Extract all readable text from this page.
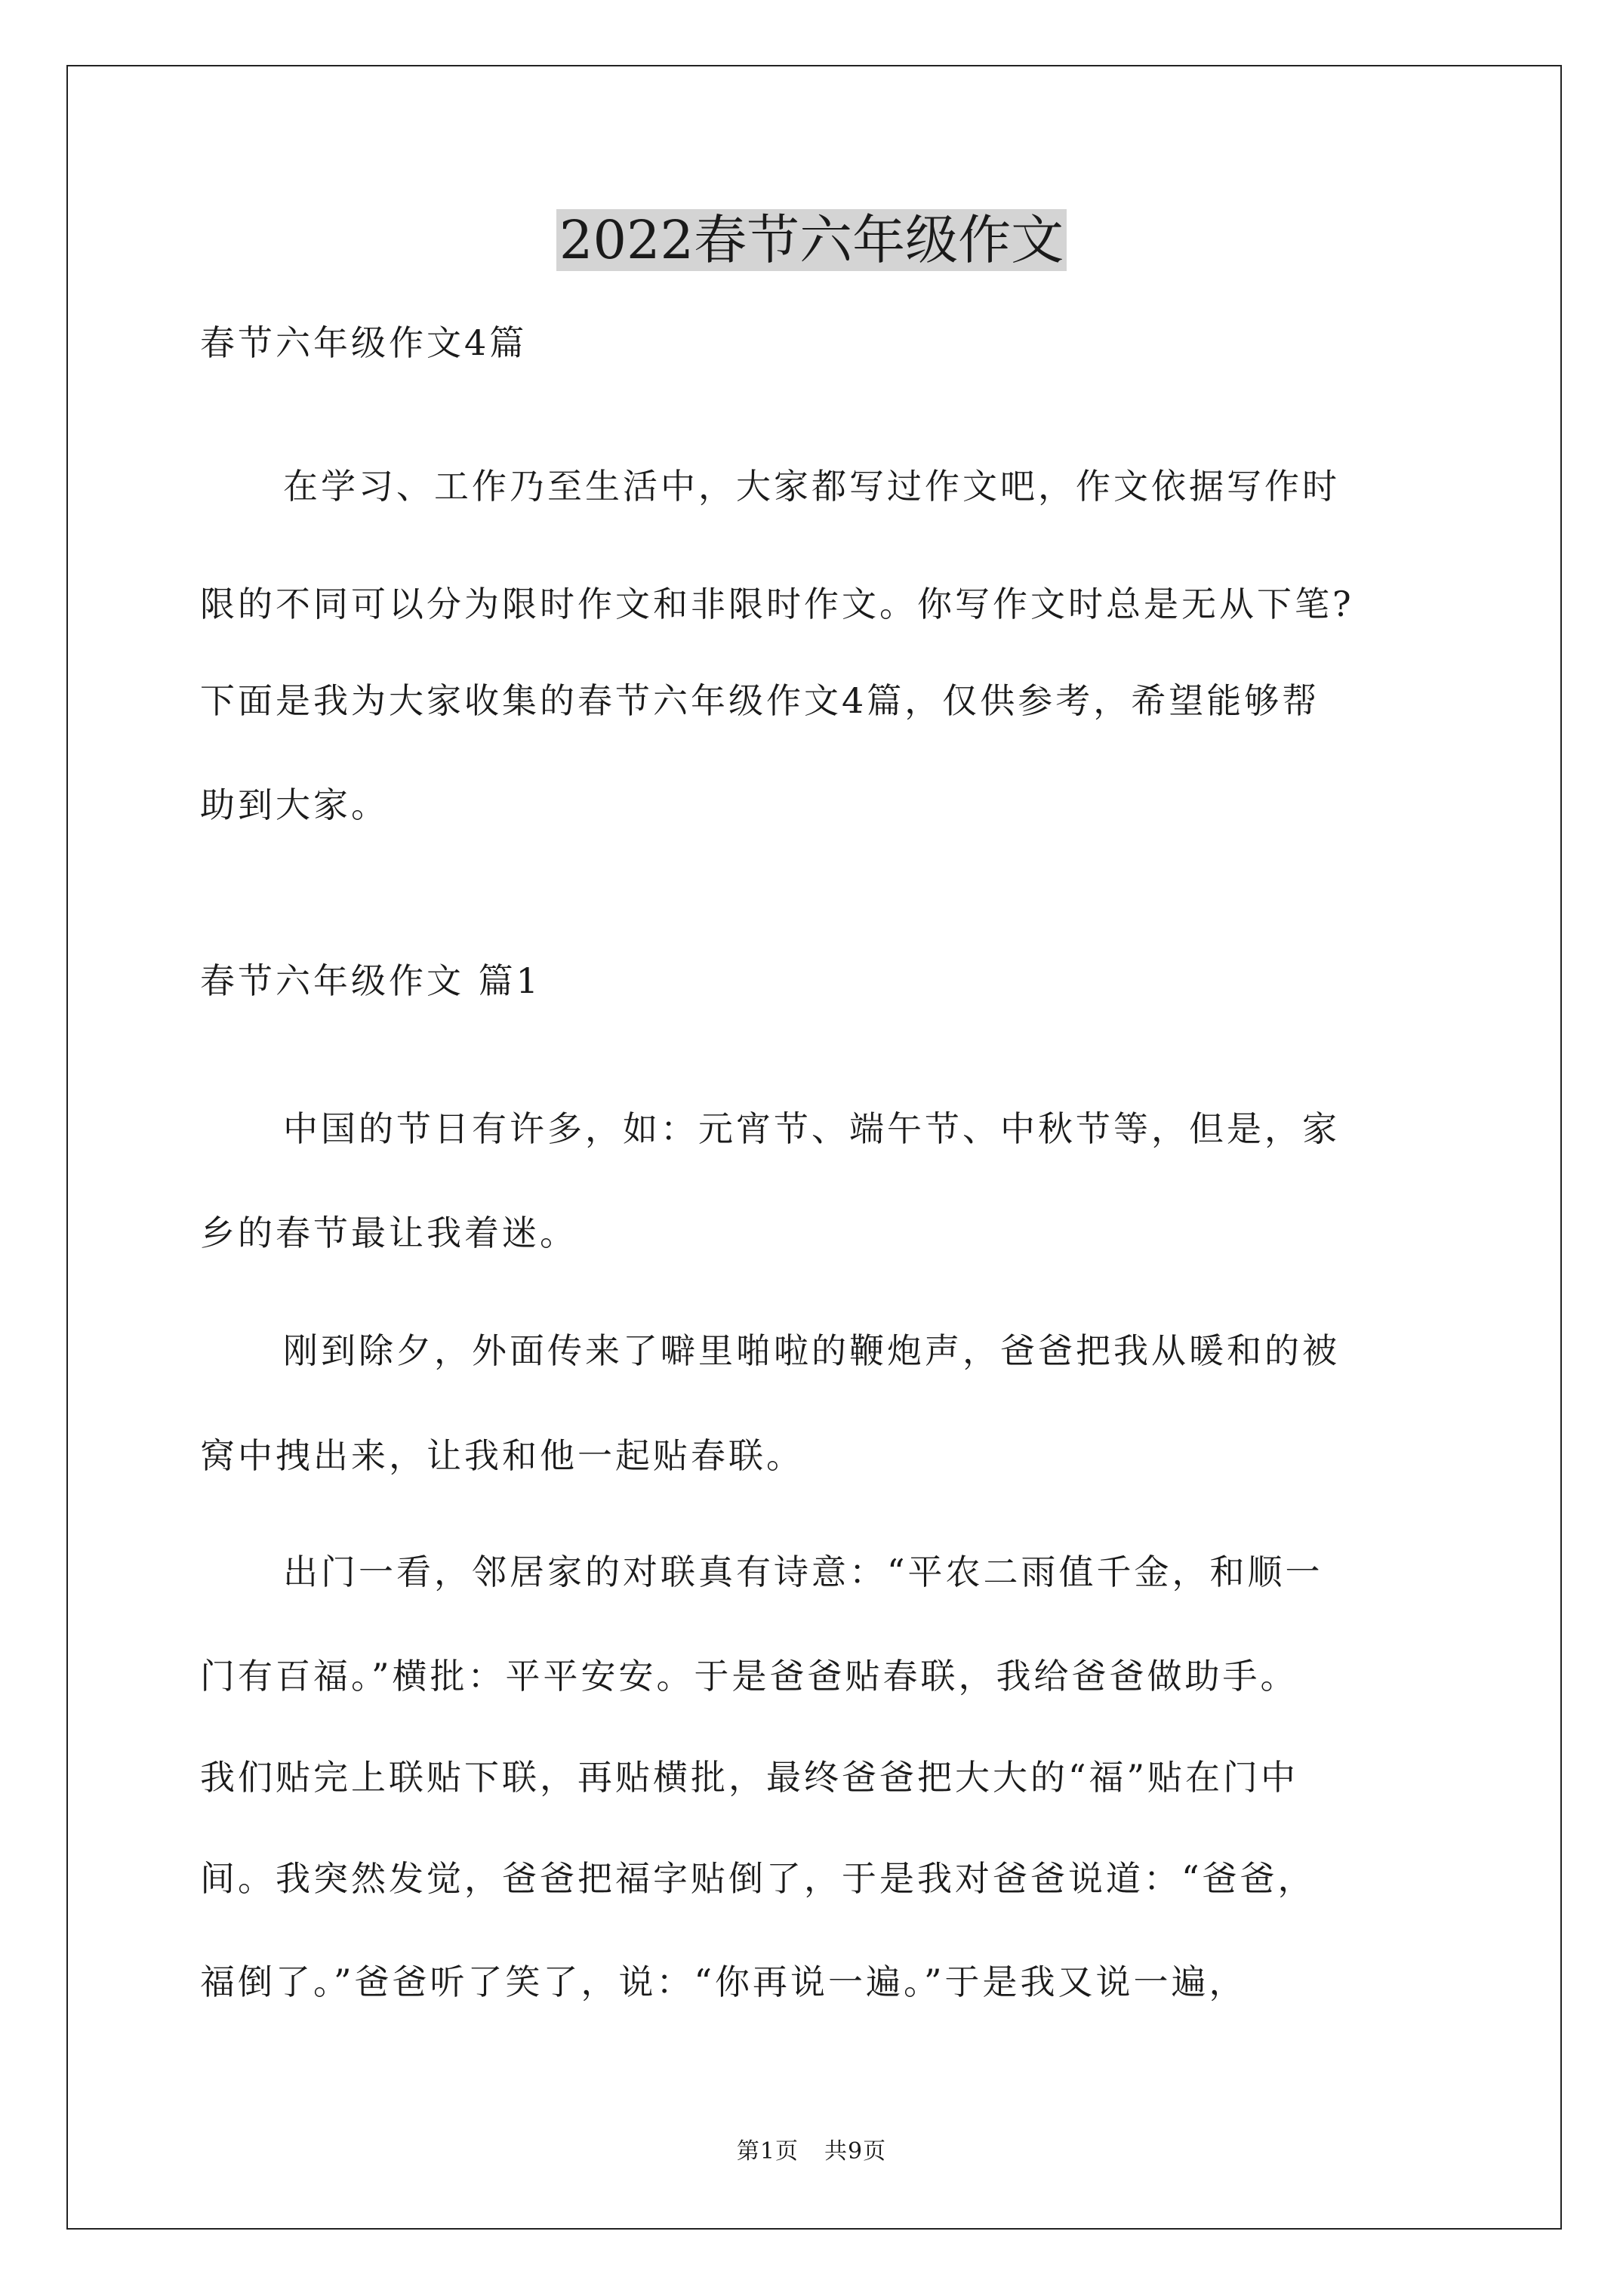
2022春节六年级作文
春节六年级作文4篇
在学习、工作乃至生活中，大家都写过作文吧，作文依据写作时
限的不同可以分为限时作文和非限时作文。你写作文时总是无从下笔?
下面是我为大家收集的春节六年级作文4篇，仅供参考，希望能够帮
助到大家。
春节六年级作文 篇1
中国的节日有许多，如：元宵节、端午节、中秋节等，但是，家
乡的春节最让我着迷。
刚到除夕，外面传来了噼里啪啦的鞭炮声，爸爸把我从暖和的被
窝中拽出来，让我和他一起贴春联。
出门一看，邻居家的对联真有诗意：“平农二雨值千金，和顺一
门有百福。”横批：平平安安。于是爸爸贴春联，我给爸爸做助手。
我们贴完上联贴下联，再贴横批，最终爸爸把大大的“福”贴在门中
间。我突然发觉，爸爸把福字贴倒了，于是我对爸爸说道：“爸爸，
福倒了。”爸爸听了笑了，说：“你再说一遍。”于是我又说一遍，
第1页 共9页
